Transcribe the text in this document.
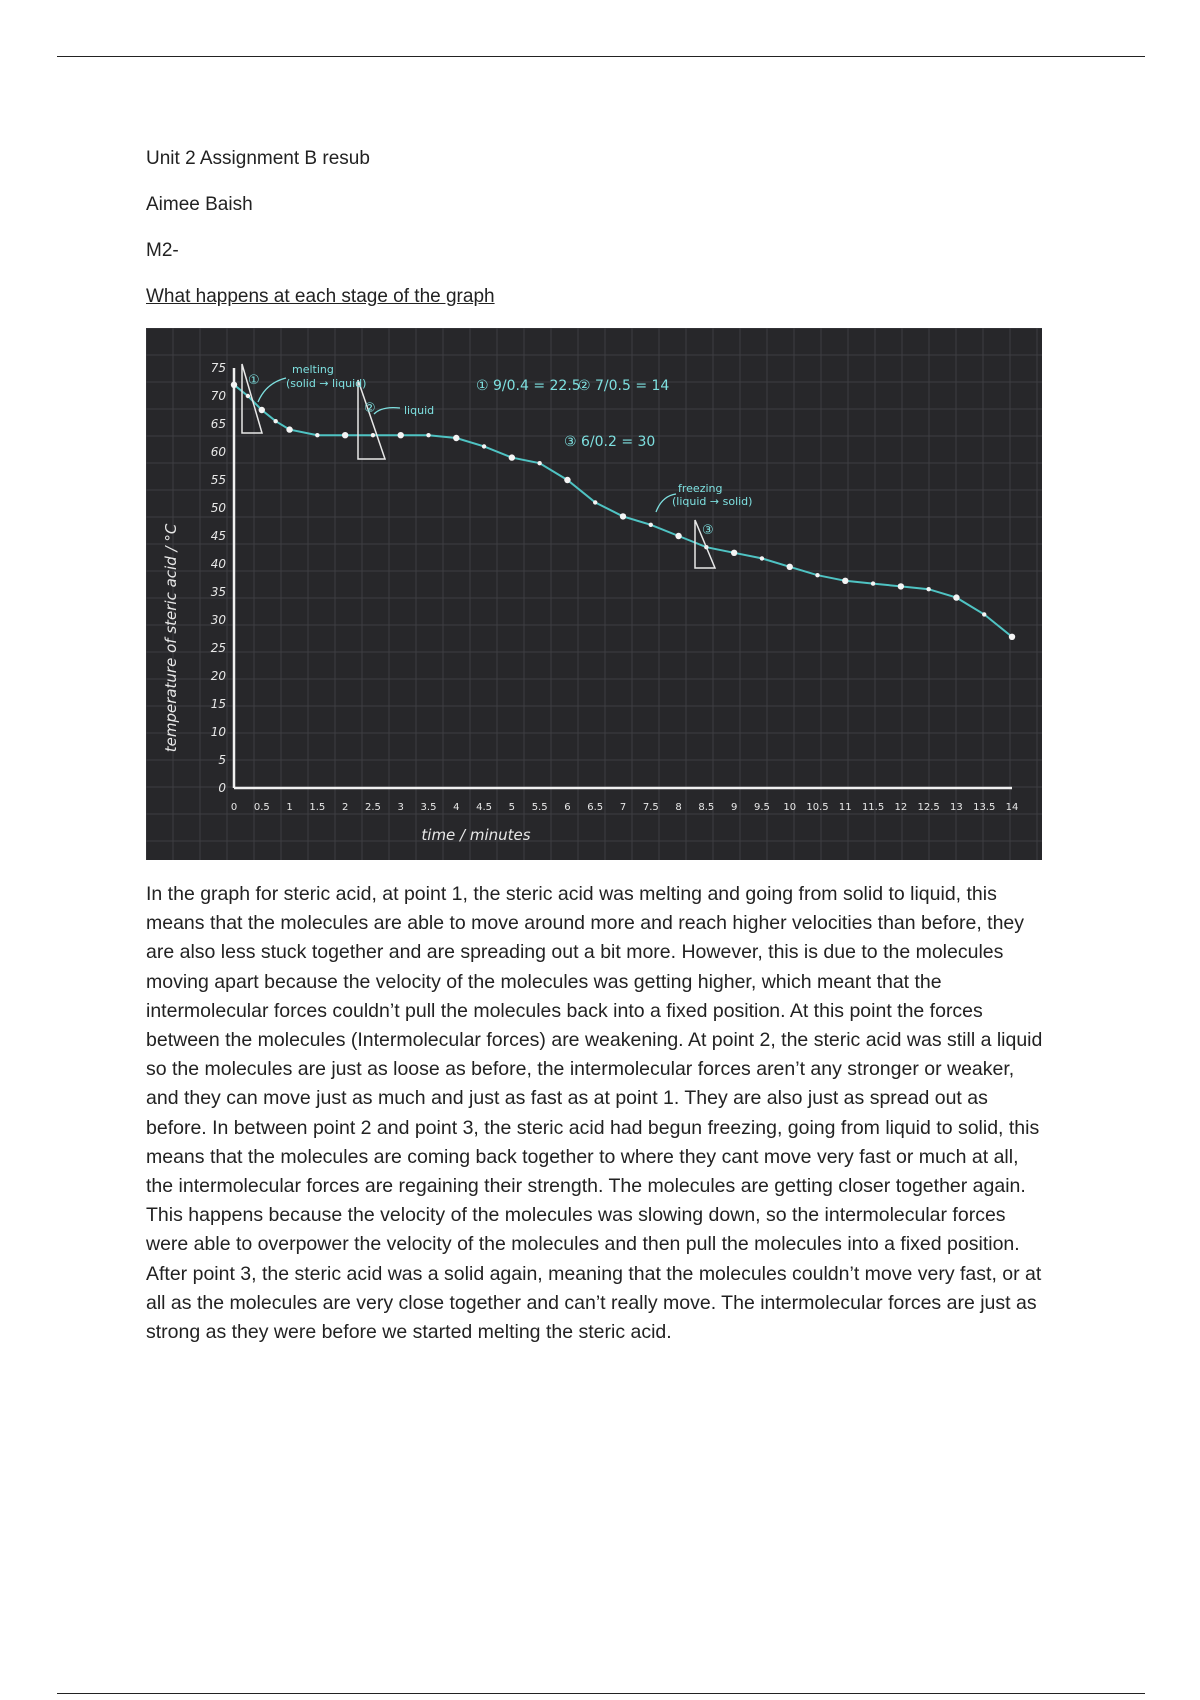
Unit 2 Assignment B resub

Aimee Baish

M2-

What happens at each stage of the graph

0
5
10
15
20
25
30
35
40
45
50
55
60
65
70
75
0 0.5 1 1.5 2 2.5 3 3.5 4 4.5 5 5.5 6 6.5 7 7.5 8 8.5 9 9.5 10 10.5 11 11.5 12 12.5 13 13.5 14
temperature of steric acid / °C
time / minutes
melting
(solid → liquid)
liquid
freezing
(liquid → solid)
① 9/0.4 = 22.5
② 7/0.5 = 14
③ 6/0.2 = 30
①
②
③

In the graph for steric acid, at point 1, the steric acid was melting and going from solid to liquid, this means that the molecules are able to move around more and reach higher velocities than before, they are also less stuck together and are spreading out a bit more. However, this is due to the molecules moving apart because the velocity of the molecules was getting higher, which meant that the intermolecular forces couldn’t pull the molecules back into a fixed position. At this point the forces between the molecules (Intermolecular forces) are weakening. At point 2, the steric acid was still a liquid so the molecules are just as loose as before, the intermolecular forces aren’t any stronger or weaker, and they can move just as much and just as fast as at point 1. They are also just as spread out as before. In between point 2 and point 3, the steric acid had begun freezing, going from liquid to solid, this means that the molecules are coming back together to where they cant move very fast or much at all, the intermolecular forces are regaining their strength. The molecules are getting closer together again. This happens because the velocity of the molecules was slowing down, so the intermolecular forces were able to overpower the velocity of the molecules and then pull the molecules into a fixed position. After point 3, the steric acid was a solid again, meaning that the molecules couldn’t move very fast, or at all as the molecules are very close together and can’t really move. The intermolecular forces are just as strong as they were before we started melting the steric acid.
